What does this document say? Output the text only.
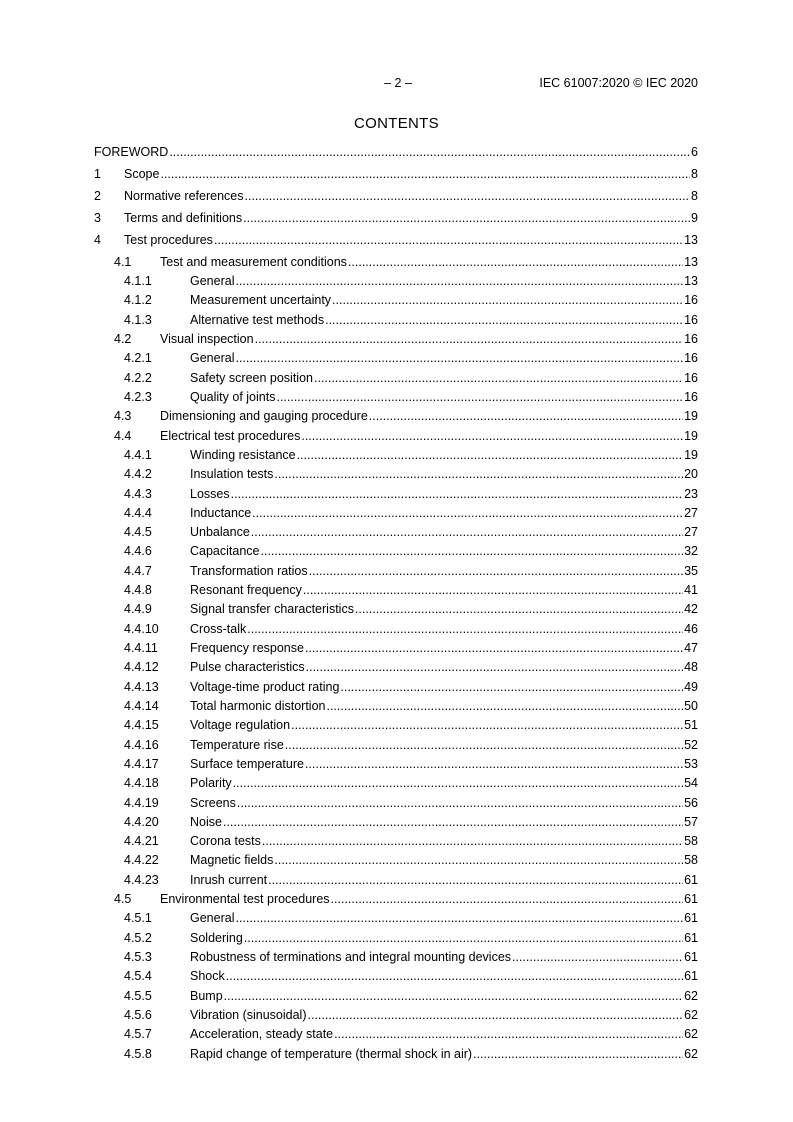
– 2 –	IEC 61007:2020 © IEC 2020
CONTENTS
FOREWORD .....	6
1	Scope .....	8
2	Normative references .....	8
3	Terms and definitions .....	9
4	Test procedures .....	13
4.1	Test and measurement conditions .....	13
4.1.1	General .....	13
4.1.2	Measurement uncertainty .....	16
4.1.3	Alternative test methods .....	16
4.2	Visual inspection .....	16
4.2.1	General .....	16
4.2.2	Safety screen position .....	16
4.2.3	Quality of joints .....	16
4.3	Dimensioning and gauging procedure .....	19
4.4	Electrical test procedures .....	19
4.4.1	Winding resistance .....	19
4.4.2	Insulation tests .....	20
4.4.3	Losses .....	23
4.4.4	Inductance .....	27
4.4.5	Unbalance .....	27
4.4.6	Capacitance .....	32
4.4.7	Transformation ratios .....	35
4.4.8	Resonant frequency .....	41
4.4.9	Signal transfer characteristics .....	42
4.4.10	Cross-talk .....	46
4.4.11	Frequency response .....	47
4.4.12	Pulse characteristics .....	48
4.4.13	Voltage-time product rating .....	49
4.4.14	Total harmonic distortion .....	50
4.4.15	Voltage regulation .....	51
4.4.16	Temperature rise .....	52
4.4.17	Surface temperature .....	53
4.4.18	Polarity .....	54
4.4.19	Screens .....	56
4.4.20	Noise .....	57
4.4.21	Corona tests .....	58
4.4.22	Magnetic fields .....	58
4.4.23	Inrush current .....	61
4.5	Environmental test procedures .....	61
4.5.1	General .....	61
4.5.2	Soldering .....	61
4.5.3	Robustness of terminations and integral mounting devices .....	61
4.5.4	Shock .....	61
4.5.5	Bump .....	62
4.5.6	Vibration (sinusoidal) .....	62
4.5.7	Acceleration, steady state .....	62
4.5.8	Rapid change of temperature (thermal shock in air) .....	62
